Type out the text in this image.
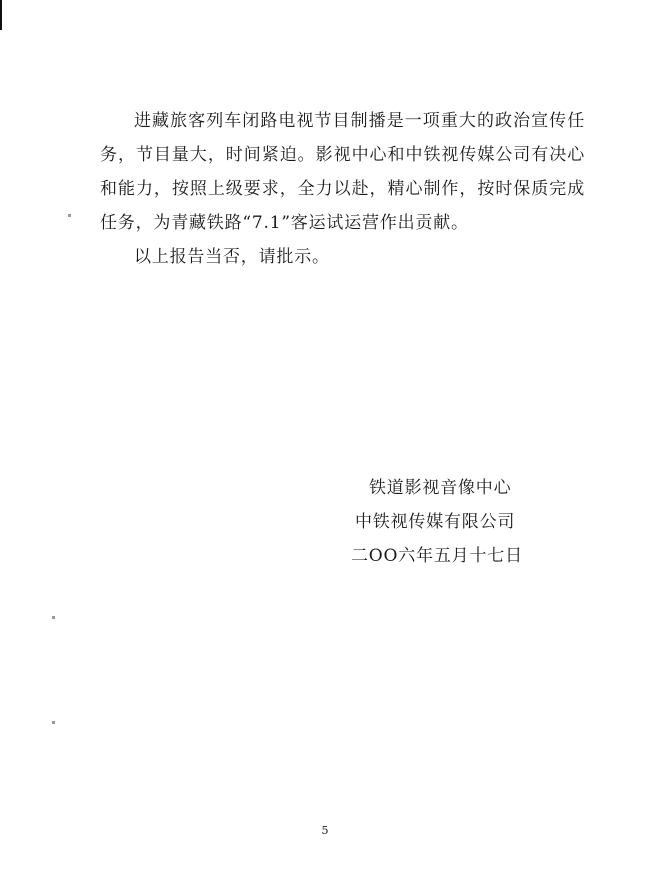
进藏旅客列车闭路电视节目制播是一项重大的政治宣传任务，节目量大，时间紧迫。影视中心和中铁视传媒公司有决心和能力，按照上级要求，全力以赴，精心制作，按时保质完成任务，为青藏铁路“7.1”客运试运营作出贡献。

以上报告当否，请批示。

铁道影视音像中心
中铁视传媒有限公司
二OO六年五月十七日
5
